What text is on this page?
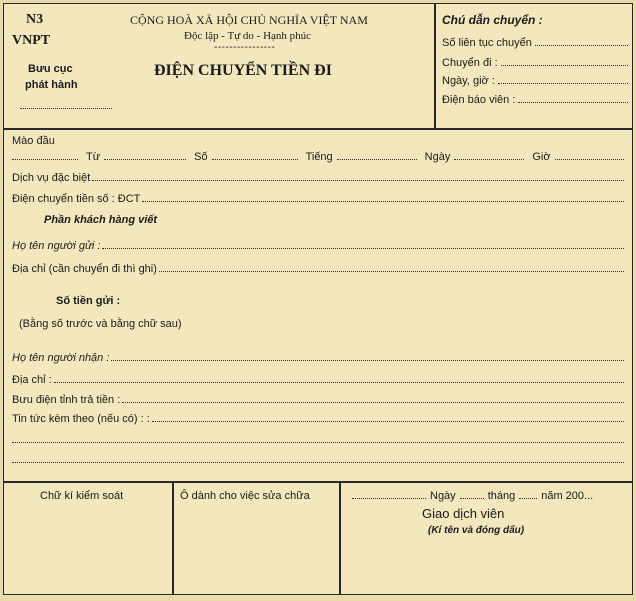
N3
VNPT
Bưu cục
phát hành
CỘNG HOÀ XÃ HỘI CHỦ NGHĨA VIỆT NAM
Độc lập - Tự do - Hạnh phúc
----------------
ĐIỆN CHUYỂN TIỀN ĐI
Chú dẫn chuyển :
Số liên tục chuyển
Chuyển đi :
Ngày, giờ :
Điện báo viên :
Mào đầu
Từ	Số	Tiếng	Ngày	Giờ
Dịch vụ đặc biệt
Điện chuyển tiền số : ĐCT
Phần khách hàng viết
Họ tên người gửi :
Địa chỉ (cần chuyển đi thì ghi)
Số tiền gửi :
(Bằng số trước và bằng chữ sau)
Họ tên người nhận :
Địa chỉ :
Bưu điện tỉnh trả tiền :
Tin tức kèm theo (nếu có) : :
Chữ kí kiểm soát	Ô dành cho việc sửa chữa	Ngày	tháng năm 200...
Giao dịch viên
(Kí tên và đóng dấu)
